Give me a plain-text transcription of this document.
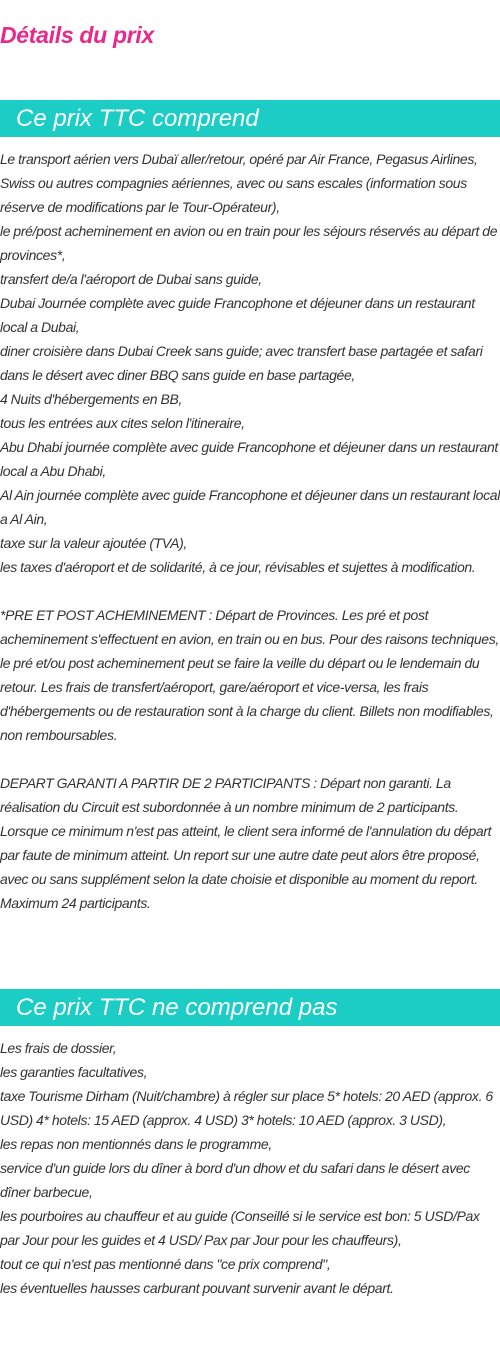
Détails du prix
Ce prix TTC comprend
Le transport aérien vers Dubaï aller/retour, opéré par Air France, Pegasus Airlines, Swiss ou autres compagnies aériennes, avec ou sans escales (information sous réserve de modifications par le Tour-Opérateur),
le pré/post acheminement en avion ou en train pour les séjours réservés au départ de provinces*,
transfert de/a l'aéroport de Dubai sans guide,
Dubai Journée complète avec guide Francophone et déjeuner dans un restaurant local a Dubai,
diner croisière dans Dubai Creek sans guide; avec transfert base partagée et safari dans le désert avec diner BBQ sans guide en base partagée,
4 Nuits d'hébergements en BB,
tous les entrées aux cites selon l'itineraire,
Abu Dhabi journée complète avec guide Francophone et déjeuner dans un restaurant local a Abu Dhabi,
Al Ain journée complète avec guide Francophone et déjeuner dans un restaurant local a Al Ain,
taxe sur la valeur ajoutée (TVA),
les taxes d'aéroport et de solidarité, à ce jour, révisables et sujettes à modification.

*PRE ET POST ACHEMINEMENT : Départ de Provinces. Les pré et post acheminement s'effectuent en avion, en train ou en bus. Pour des raisons techniques, le pré et/ou post acheminement peut se faire la veille du départ ou le lendemain du retour. Les frais de transfert/aéroport, gare/aéroport et vice-versa, les frais d'hébergements ou de restauration sont à la charge du client. Billets non modifiables, non remboursables.

DEPART GARANTI A PARTIR DE 2 PARTICIPANTS : Départ non garanti. La réalisation du Circuit est subordonnée à un nombre minimum de 2 participants. Lorsque ce minimum n'est pas atteint, le client sera informé de l'annulation du départ par faute de minimum atteint. Un report sur une autre date peut alors être proposé, avec ou sans supplément selon la date choisie et disponible au moment du report. Maximum 24 participants.

Ce prix TTC ne comprend pas
Les frais de dossier,
les garanties facultatives,
taxe Tourisme Dirham (Nuit/chambre) à régler sur place 5* hotels: 20 AED (approx. 6 USD) 4* hotels: 15 AED (approx. 4 USD) 3* hotels: 10 AED (approx. 3 USD),
les repas non mentionnés dans le programme,
service d'un guide lors du dîner à bord d'un dhow et du safari dans le désert avec dîner barbecue,
les pourboires au chauffeur et au guide (Conseillé si le service est bon: 5 USD/Pax par Jour pour les guides et 4 USD/ Pax par Jour pour les chauffeurs),
tout ce qui n'est pas mentionné dans "ce prix comprend",
les éventuelles hausses carburant pouvant survenir avant le départ.
